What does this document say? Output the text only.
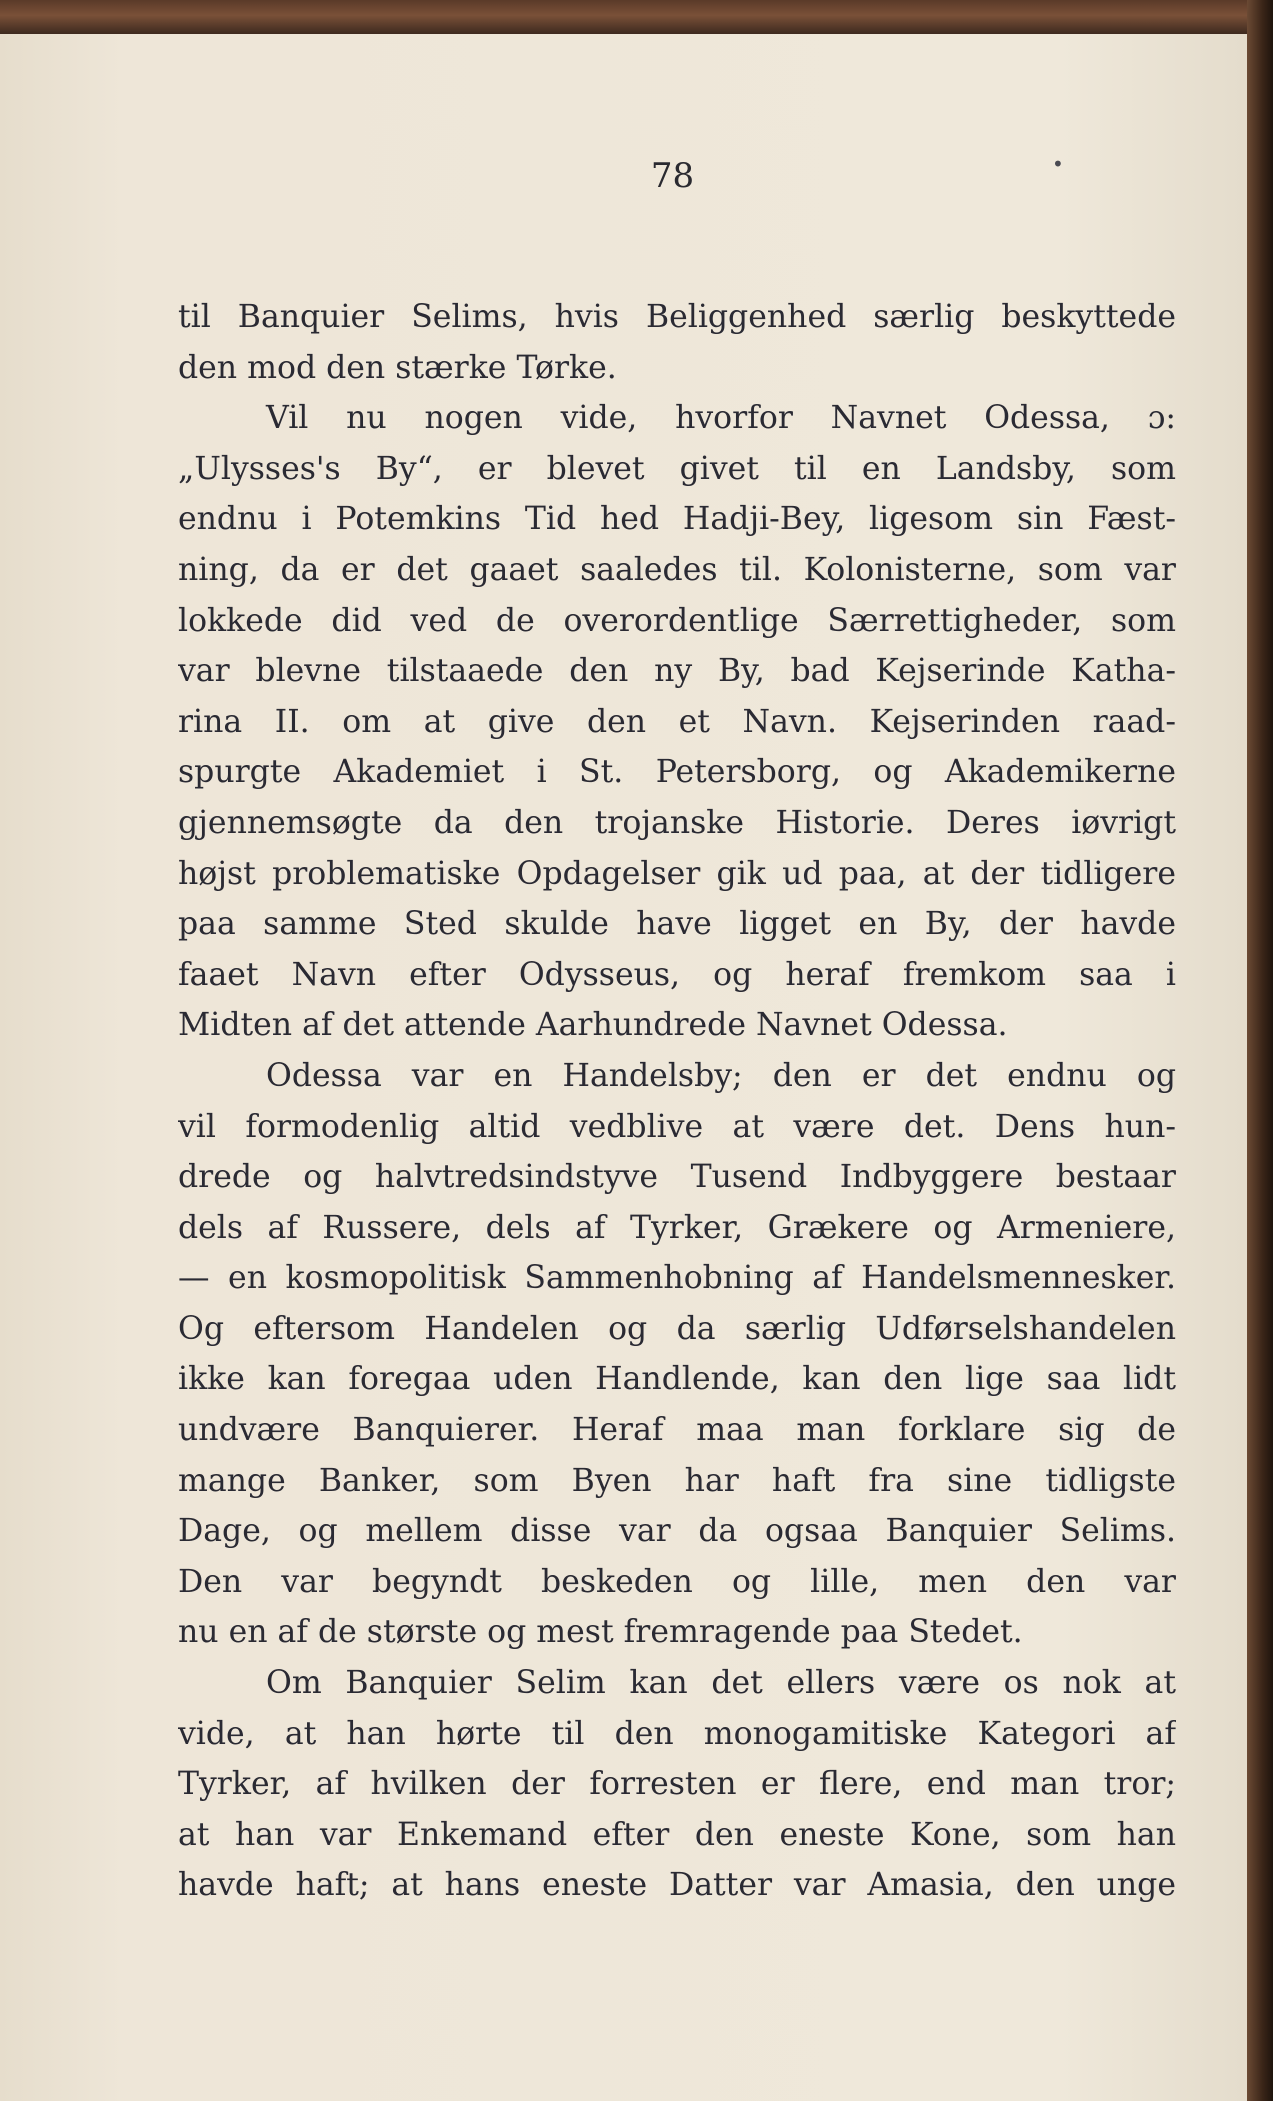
78	•
til Banquier Selims, hvis Beliggenhed særlig beskyttede
den mod den stærke Tørke.
Vil nu nogen vide, hvorfor Navnet Odessa, ɔ:
„Ulysses's By“, er blevet givet til en Landsby, som
endnu i Potemkins Tid hed Hadji-Bey, ligesom sin Fæst-
ning, da er det gaaet saaledes til. Kolonisterne, som var
lokkede did ved de overordentlige Særrettigheder, som
var blevne tilstaaede den ny By, bad Kejserinde Katha-
rina II. om at give den et Navn. Kejserinden raad-
spurgte Akademiet i St. Petersborg, og Akademikerne
gjennemsøgte da den trojanske Historie. Deres iøvrigt
højst problematiske Opdagelser gik ud paa, at der tidligere
paa samme Sted skulde have ligget en By, der havde
faaet Navn efter Odysseus, og heraf fremkom saa i
Midten af det attende Aarhundrede Navnet Odessa.
Odessa var en Handelsby; den er det endnu og
vil formodenlig altid vedblive at være det. Dens hun-
drede og halvtredsindstyve Tusend Indbyggere bestaar
dels af Russere, dels af Tyrker, Grækere og Armeniere,
— en kosmopolitisk Sammenhobning af Handelsmennesker.
Og eftersom Handelen og da særlig Udførselshandelen
ikke kan foregaa uden Handlende, kan den lige saa lidt
undvære Banquierer. Heraf maa man forklare sig de
mange Banker, som Byen har haft fra sine tidligste
Dage, og mellem disse var da ogsaa Banquier Selims.
Den var begyndt beskeden og lille, men den var
nu en af de største og mest fremragende paa Stedet.
Om Banquier Selim kan det ellers være os nok at
vide, at han hørte til den monogamitiske Kategori af
Tyrker, af hvilken der forresten er flere, end man tror;
at han var Enkemand efter den eneste Kone, som han
havde haft; at hans eneste Datter var Amasia, den unge
